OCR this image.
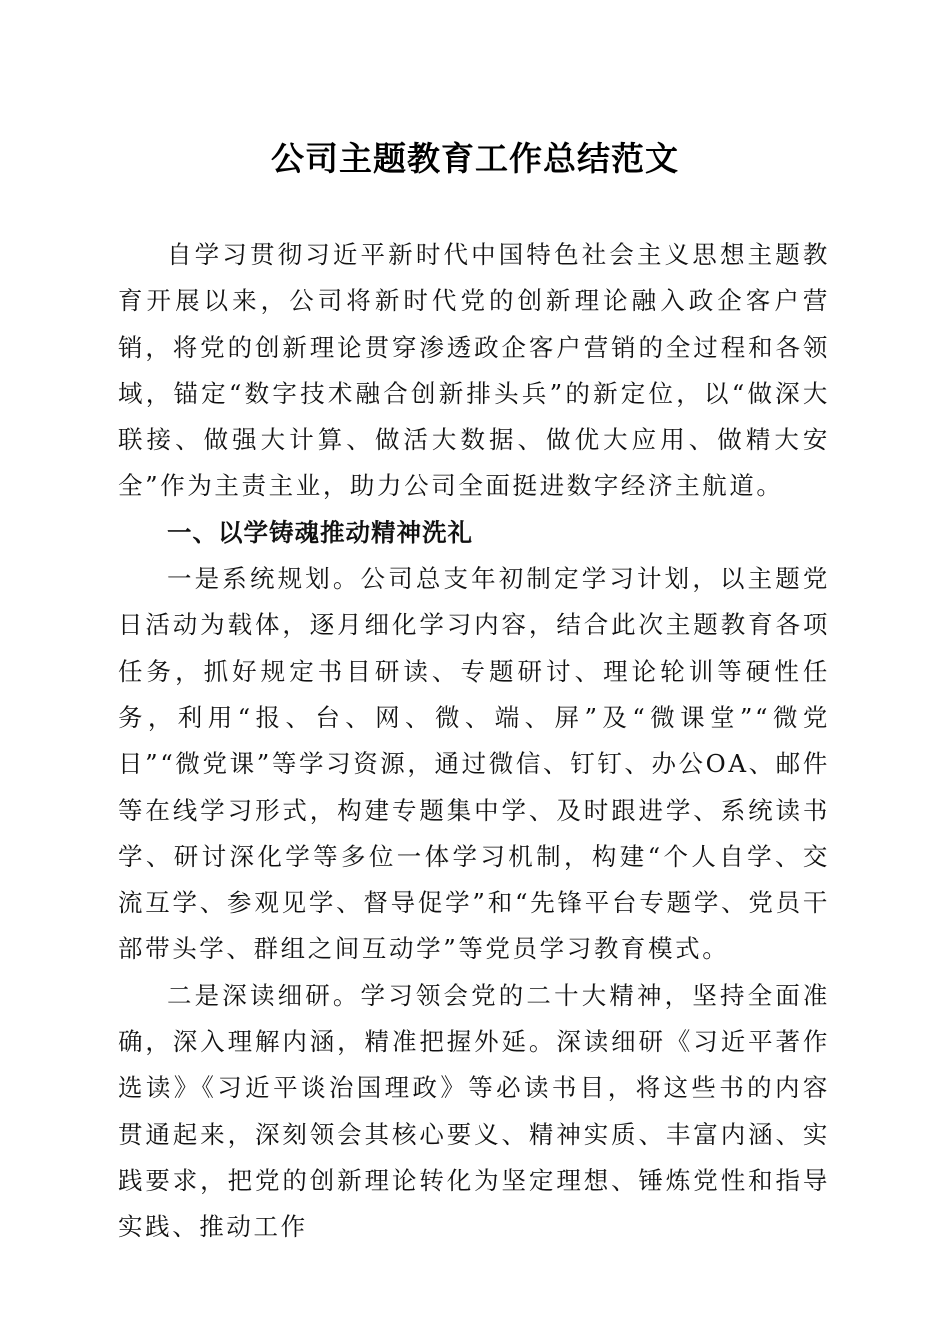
公司主题教育工作总结范文

自学习贯彻习近平新时代中国特色社会主义思想主题教育开展以来，公司将新时代党的创新理论融入政企客户营销，将党的创新理论贯穿渗透政企客户营销的全过程和各领域，锚定“数字技术融合创新排头兵”的新定位，以“做深大联接、做强大计算、做活大数据、做优大应用、做精大安全”作为主责主业，助力公司全面挺进数字经济主航道。

一、以学铸魂推动精神洗礼

一是系统规划。公司总支年初制定学习计划，以主题党日活动为载体，逐月细化学习内容，结合此次主题教育各项任务，抓好规定书目研读、专题研讨、理论轮训等硬性任务，利用“报、台、网、微、端、屏”及“微课堂”“微党日”“微党课”等学习资源，通过微信、钉钉、办公OA、邮件等在线学习形式，构建专题集中学、及时跟进学、系统读书学、研讨深化学等多位一体学习机制，构建“个人自学、交流互学、参观见学、督导促学”和“先锋平台专题学、党员干部带头学、群组之间互动学”等党员学习教育模式。

二是深读细研。学习领会党的二十大精神，坚持全面准确，深入理解内涵，精准把握外延。深读细研《习近平著作选读》《习近平谈治国理政》等必读书目，将这些书的内容贯通起来，深刻领会其核心要义、精神实质、丰富内涵、实践要求，把党的创新理论转化为坚定理想、锤炼党性和指导实践、推动工作
